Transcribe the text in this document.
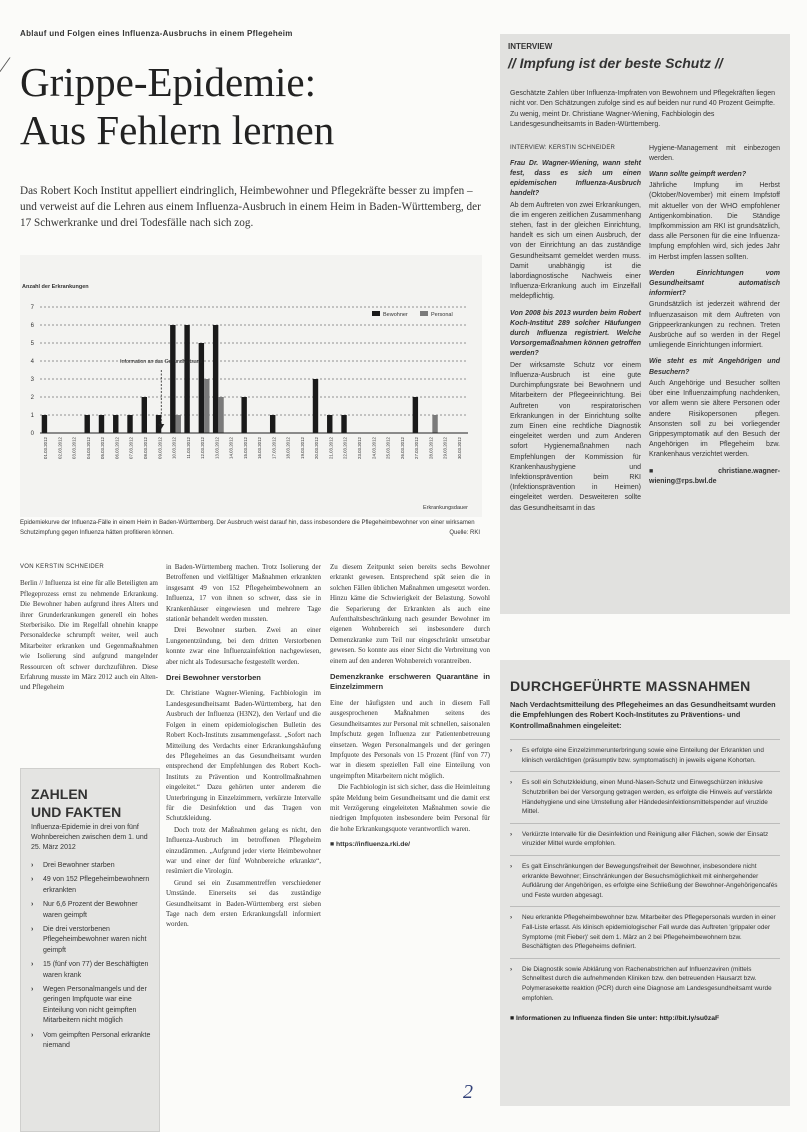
Ablauf und Folgen eines Influenza-Ausbruchs in einem Pflegeheim
⁄ Grippe-Epidemie:
Aus Fehlern lernen
Das Robert Koch Institut appelliert eindringlich, Heimbewohner und Pflegekräfte besser zu impfen – und verweist auf die Lehren aus einem Influenza-Ausbruch in einem Heim in Baden-Württemberg, der 17 Schwerkranke und drei Todesfälle nach sich zog.
0
1
2
3
4
5
6
7
Anzahl der Erkrankungen
01.03.2012 02.03.2012 03.03.2012 04.03.2012 05.03.2012 06.03.2012 07.03.2012 08.03.2012 09.03.2012 10.03.2012 11.03.2012 12.03.2012 13.03.2012 14.03.2012 15.03.2012 16.03.2012 17.03.2012 18.03.2012 19.03.2012 20.03.2012 21.03.2012 22.03.2012 23.03.2012 24.03.2012 25.03.2012 26.03.2012 27.03.2012 28.03.2012 29.03.2012 30.03.2012
Erkrankungsdauer
Information an das Gesundheitsamt
Bewohner	Personal
Epidemiekurve der Influenza-Fälle in einem Heim in Baden-Württemberg. Der Ausbruch weist darauf hin, dass insbesondere die Pflegeheimbewohner von einer wirksamen Schutzimpfung gegen Influenza hätten profitieren können.	Quelle: RKI
VON KERSTIN SCHNEIDER

Berlin // Influenza ist eine für alle Beteiligten am Pflegeprozess ernst zu nehmende Erkrankung. Die Bewohner haben aufgrund ihres Alters und ihrer Grunderkrankungen generell ein hohes Sterberisiko. Die im Regelfall ohnehin knappe Personaldecke schrumpft weiter, weil auch Mitarbeiter erkranken und Gegenmaßnahmen wie Isolierung sind aufgrund mangelnder Ressourcen oft schwer durchzuführen. Diese Erfahrung musste im März 2012 auch ein Alten- und Pflegeheim

ZAHLEN
UND FAKTEN
Influenza-Epidemie in drei von fünf Wohnbereichen zwischen dem 1. und 25. März 2012
› Drei Bewohner starben
› 49 von 152 Pflegeheimbewohnern erkrankten
› Nur 6,6 Prozent der Bewohner waren geimpft
› Die drei verstorbenen Pflegeheimbewohner waren nicht geimpft
› 15 (fünf von 77) der Beschäftigten waren krank
› Wegen Personalmangels und der geringen Impfquote war eine Einteilung von nicht geimpften Mitarbeitern nicht möglich
› Vom geimpften Personal erkrankte niemand

in Baden-Württemberg machen. Trotz Isolierung der Betroffenen und vielfältiger Maßnahmen erkrankten insgesamt 49 von 152 Pflegeheimbewohnern an Influenza, 17 von ihnen so schwer, dass sie in Krankenhäuser eingewiesen und mehrere Tage stationär behandelt werden mussten.

Drei Bewohner starben. Zwei an einer Lungenentzündung, bei dem dritten Verstorbenen konnte zwar eine Influenzainfektion nachgewiesen, aber nicht als Todesursache festgestellt werden.

Drei Bewohner verstorben

Dr. Christiane Wagner-Wiening, Fachbiologin im Landesgesundheitsamt Baden-Württemberg, hat den Ausbruch der Influenza (H3N2), den Verlauf und die Folgen in einem epidemiologischen Bulletin des Robert Koch-Instituts zusammengefasst. „Sofort nach Mitteilung des Verdachts einer Erkrankungshäufung des Pflegeheimes an das Gesundheitsamt wurden entsprechend der Empfehlungen des Robert Koch-Instituts zu Prävention und Kontrollmaßnahmen eingeleitet.“ Dazu gehörten unter anderem die Unterbringung in Einzelzimmern, verkürzte Intervalle für die Desinfektion und das Tragen von Schutzkleidung.

Doch trotz der Maßnahmen gelang es nicht, den Influenza-Ausbruch im betroffenen Pflegeheim einzudämmen. „Aufgrund jeder vierte Heimbewohner war und einer der fünf Wohnbereiche erkrankte“, resümiert die Virologin.

Grund sei ein Zusammentreffen verschiedener Umstände. Einerseits sei das zuständige Gesundheitsamt in Baden-Württemberg erst sieben Tage nach dem ersten Erkrankungsfall informiert worden.

Zu diesem Zeitpunkt seien bereits sechs Bewohner erkrankt gewesen. Entsprechend spät seien die in solchen Fällen üblichen Maßnahmen umgesetzt worden. Hinzu käme die Schwierigkeit der Belastung. Sowohl die Separierung der Erkrankten als auch eine Aufenthaltsbeschränkung nach gesunder Bewohner im eigenen Wohnbereich sei insbesondere durch Demenzkranke zum Teil nur eingeschränkt umsetzbar gewesen. So konnte aus einer Sicht die Verbreitung von einem auf den anderen Wohnbereich vorantreiben.

Demenzkranke erschweren Quarantäne in Einzelzimmern

Eine der häufigsten und auch in diesem Fall ausgesprochenen Maßnahmen seitens des Gesundheitsamtes zur Personal mit schnellen, saisonalen Impfschutz gegen Influenza zur Patientenbetreuung einsetzen. Wegen Personalmangels und der geringen Impfquote des Personals von 15 Prozent (fünf von 77) war in diesem speziellen Fall eine Einteilung von ungeimpften Mitarbeitern nicht möglich.

Die Fachbiologin ist sich sicher, dass die Heimleitung späte Meldung beim Gesundheitsamt und die damit erst mit Verzögerung eingeleiteten Maßnahmen sowie die niedrigen Impfquoten insbesondere beim Personal für die hohe Erkrankungsquote verantwortlich waren.

■ https://influenza.rki.de/
2
INTERVIEW
// Impfung ist der beste Schutz //
Geschätzte Zahlen über Influenza-Impfraten von Bewohnern und Pflegekräften liegen nicht vor. Den Schätzungen zufolge sind es auf beiden nur rund 40 Prozent Geimpfte. Zu wenig, meint Dr. Christiane Wagner-Wiening, Fachbiologin des Landesgesundheitsamts in Baden-Württemberg.
INTERVIEW: KERSTIN SCHNEIDER
Frau Dr. Wagner-Wiening, wann steht fest, dass es sich um einen epidemischen Influenza-Ausbruch handelt?
Ab dem Auftreten von zwei Erkrankungen, die im engeren zeitlichen Zusammenhang stehen, fast in der gleichen Einrichtung, handelt es sich um einen Ausbruch, der von der Einrichtung an das zuständige Gesundheitsamt gemeldet werden muss. Damit unabhängig ist die labordiagnostische Nachweis einer Influenza-Erkrankung auch im Einzelfall meldepflichtig.
Von 2008 bis 2013 wurden beim Robert Koch-Institut 289 solcher Häufungen durch Influenza registriert. Welche Vorsorgemaßnahmen können getroffen werden?
Der wirksamste Schutz vor einem Influenza-Ausbruch ist eine gute Durchimpfungsrate bei Bewohnern und Mitarbeitern der Pflegeeinrichtung. Bei Auftreten von respiratorischen Erkrankungen in der Einrichtung sollte zum Einen eine rechtliche Diagnostik eingeleitet werden und zum Anderen sofort Hygienemaßnahmen nach Empfehlungen der Kommission für Krankenhaushygiene und Infektionsprävention beim RKI (Infektionsprävention in Heimen) eingeleitet werden. Desweiteren sollte das Gesundheitsamt in das
Hygiene-Management mit einbezogen werden.
Wann sollte geimpft werden?
Jährliche Impfung im Herbst (Oktober/November) mit einem Impfstoff mit aktueller von der WHO empfohlener Antigenkombination. Die Ständige Impfkommission am RKI ist grundsätzlich, dass alle Personen für die eine Influenza-Impfung empfohlen wird, sich jedes Jahr im Herbst impfen lassen sollten.
Werden Einrichtungen vom Gesundheitsamt automatisch informiert?
Grundsätzlich ist jederzeit während der Influenzasaison mit dem Auftreten von Grippeerkrankungen zu rechnen. Treten Ausbrüche auf so werden in der Regel umliegende Einrichtungen informiert.
Wie steht es mit Angehörigen und Besuchern?
Auch Angehörige und Besucher sollten über eine Influenzaimpfung nachdenken, vor allem wenn sie ältere Personen oder andere Risikopersonen pflegen. Ansonsten soll zu bei vorliegender Grippesymptomatik auf den Besuch der Angehörigen im Pflegeheim bzw. Krankenhaus verzichtet werden.
■ christiane.wagner-wiening@rps.bwl.de
DURCHGEFÜHRTE MASSNAHMEN
Nach Verdachtsmitteilung des Pflegeheimes an das Gesundheitsamt wurden die Empfehlungen des Robert Koch-Institutes zu Präventions- und Kontrollmaßnahmen eingeleitet:
› Es erfolgte eine Einzelzimmerunterbringung sowie eine Einteilung der Erkrankten und klinisch verdächtigen (präsumptiv bzw. symptomatisch) in jeweils eigene Kohorten.
› Es soll ein Schutzkleidung, einen Mund-Nasen-Schutz und Einwegschürzen inklusive Schutzbrillen bei der Versorgung getragen werden, es erfolgte die Hinweis auf verstärkte Händehygiene und eine Umstellung aller Händedesinfektionsmittelspender auf viruzide Mittel.
› Verkürzte Intervalle für die Desinfektion und Reinigung aller Flächen, sowie der Einsatz viruzider Mittel wurde empfohlen.
› Es galt Einschränkungen der Bewegungsfreiheit der Bewohner, insbesondere nicht erkrankte Bewohner; Einschränkungen der Besuchsmöglichkeit mit einhergehender Aufklärung der Angehörigen, es erfolgte eine Schließung der Bewohner-Angehörigencafés und Feste wurden abgesagt.
› Neu erkrankte Pflegeheimbewohner bzw. Mitarbeiter des Pflegepersonals wurden in einer Fall-Liste erfasst. Als klinisch epidemiologischer Fall wurde das Auftreten 'grippaler oder Symptome (mit Fieber)' seit dem 1. März an 2 bei Pflegeheimbewohnern bzw. Beschäftigten des Pflegeheims definiert.
› Die Diagnostik sowie Abklärung von Rachenabstrichen auf Influenzaviren (mittels Schnelltest durch die aufnehmenden Kliniken bzw. den betreuenden Hausarzt bzw. Polymerasekette reaktion (PCR) durch eine Diagnose am Landesgesundheitsamt wurde empfohlen.
■ Informationen zu Influenza finden Sie unter: http://bit.ly/su0zaF
